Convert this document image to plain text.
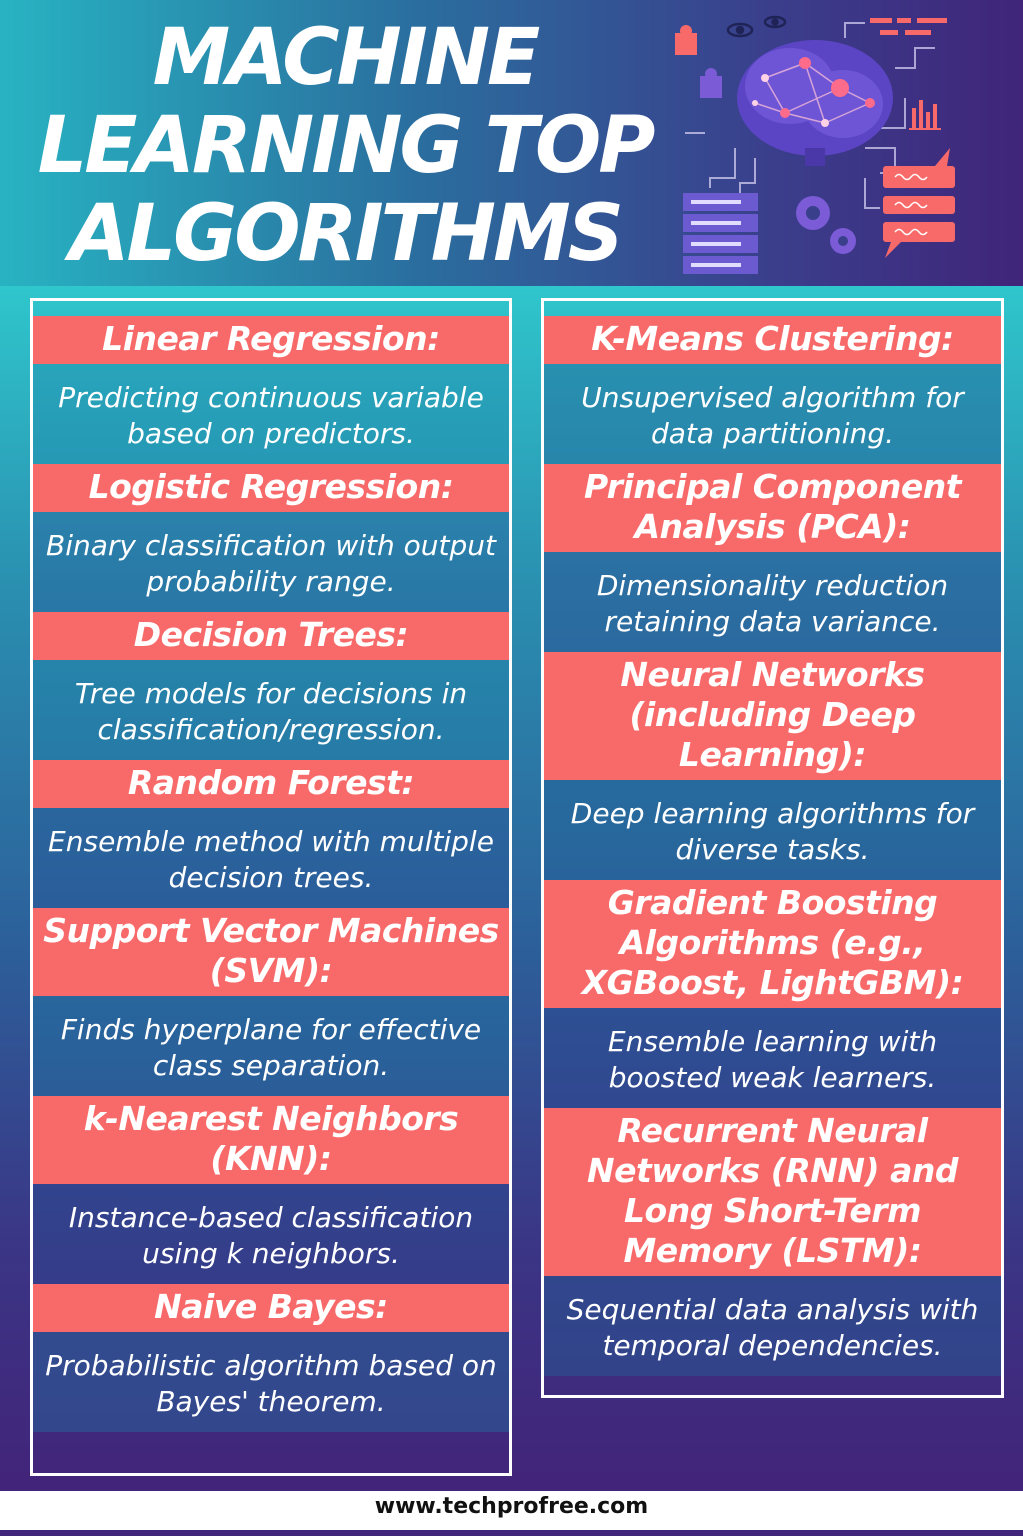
MACHINE
LEARNING TOP
ALGORITHMS
Linear Regression:
Predicting continuous variable based on predictors.
Logistic Regression:
Binary classification with output probability range.
Decision Trees:
Tree models for decisions in classification/regression.
Random Forest:
Ensemble method with multiple decision trees.
Support Vector Machines (SVM):
Finds hyperplane for effective class separation.
k-Nearest Neighbors (KNN):
Instance-based classification using k neighbors.
Naive Bayes:
Probabilistic algorithm based on Bayes' theorem.
K-Means Clustering:
Unsupervised algorithm for data partitioning.
Principal Component Analysis (PCA):
Dimensionality reduction retaining data variance.
Neural Networks (including Deep Learning):
Deep learning algorithms for diverse tasks.
Gradient Boosting Algorithms (e.g., XGBoost, LightGBM):
Ensemble learning with boosted weak learners.
Recurrent Neural Networks (RNN) and Long Short-Term Memory (LSTM):
Sequential data analysis with temporal dependencies.
www.techprofree.com
